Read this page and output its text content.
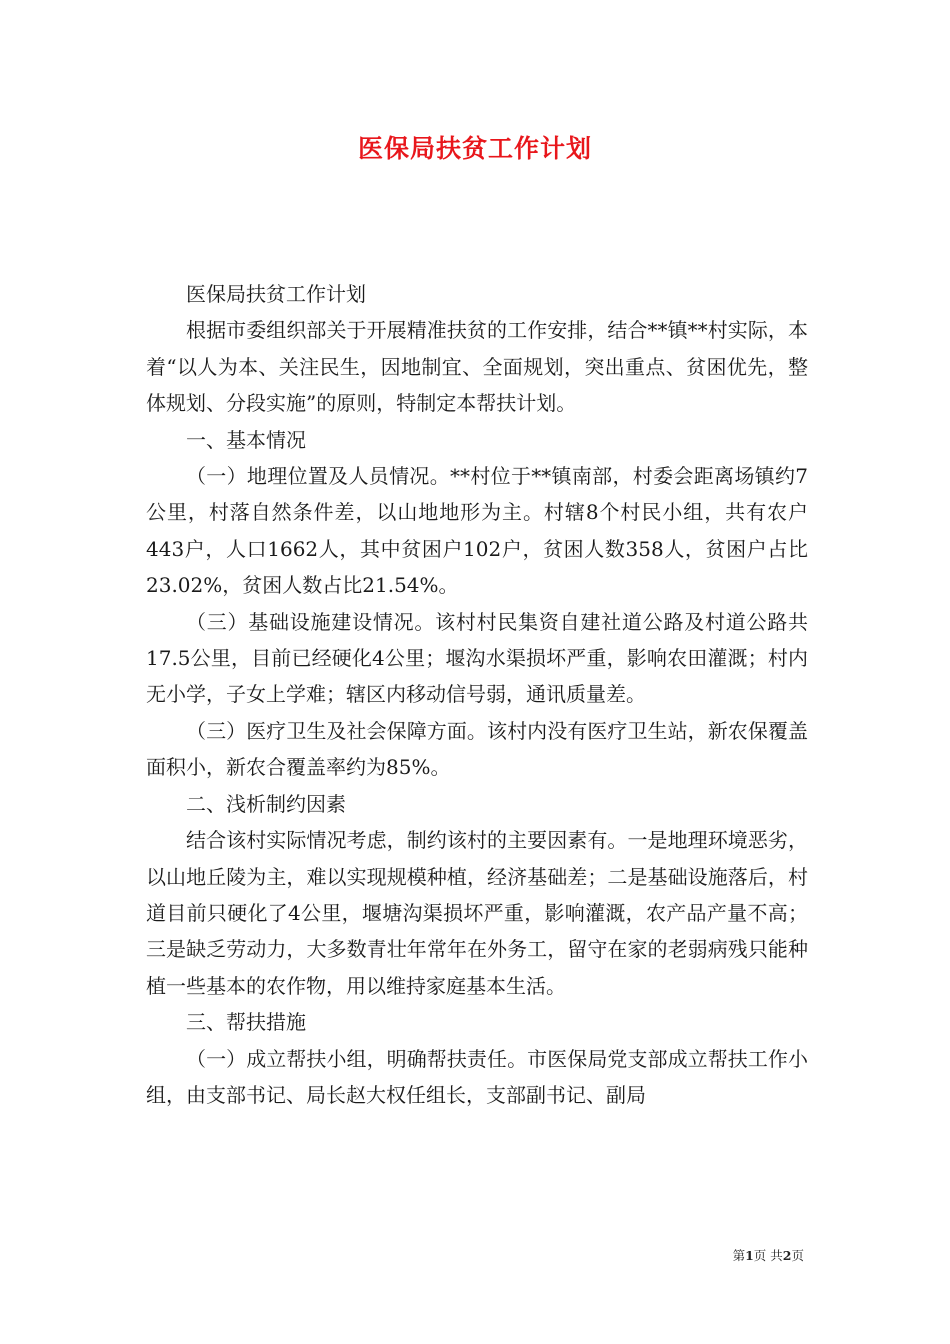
医保局扶贫工作计划

医保局扶贫工作计划

根据市委组织部关于开展精准扶贫的工作安排，结合**镇**村实际，本着“以人为本、关注民生，因地制宜、全面规划，突出重点、贫困优先，整体规划、分段实施”的原则，特制定本帮扶计划。

一、基本情况

（一）地理位置及人员情况。**村位于**镇南部，村委会距离场镇约7公里，村落自然条件差，以山地地形为主。村辖8个村民小组，共有农户443户，人口1662人，其中贫困户102户，贫困人数358人，贫困户占比23.02%，贫困人数占比21.54%。

（三）基础设施建设情况。该村村民集资自建社道公路及村道公路共17.5公里，目前已经硬化4公里；堰沟水渠损坏严重，影响农田灌溉；村内无小学，子女上学难；辖区内移动信号弱，通讯质量差。

（三）医疗卫生及社会保障方面。该村内没有医疗卫生站，新农保覆盖面积小，新农合覆盖率约为85%。

二、浅析制约因素

结合该村实际情况考虑，制约该村的主要因素有。一是地理环境恶劣，以山地丘陵为主，难以实现规模种植，经济基础差；二是基础设施落后，村道目前只硬化了4公里，堰塘沟渠损坏严重，影响灌溉，农产品产量不高；三是缺乏劳动力，大多数青壮年常年在外务工，留守在家的老弱病残只能种植一些基本的农作物，用以维持家庭基本生活。

三、帮扶措施

（一）成立帮扶小组，明确帮扶责任。市医保局党支部成立帮扶工作小组，由支部书记、局长赵大权任组长，支部副书记、副局

第1页 共2页
